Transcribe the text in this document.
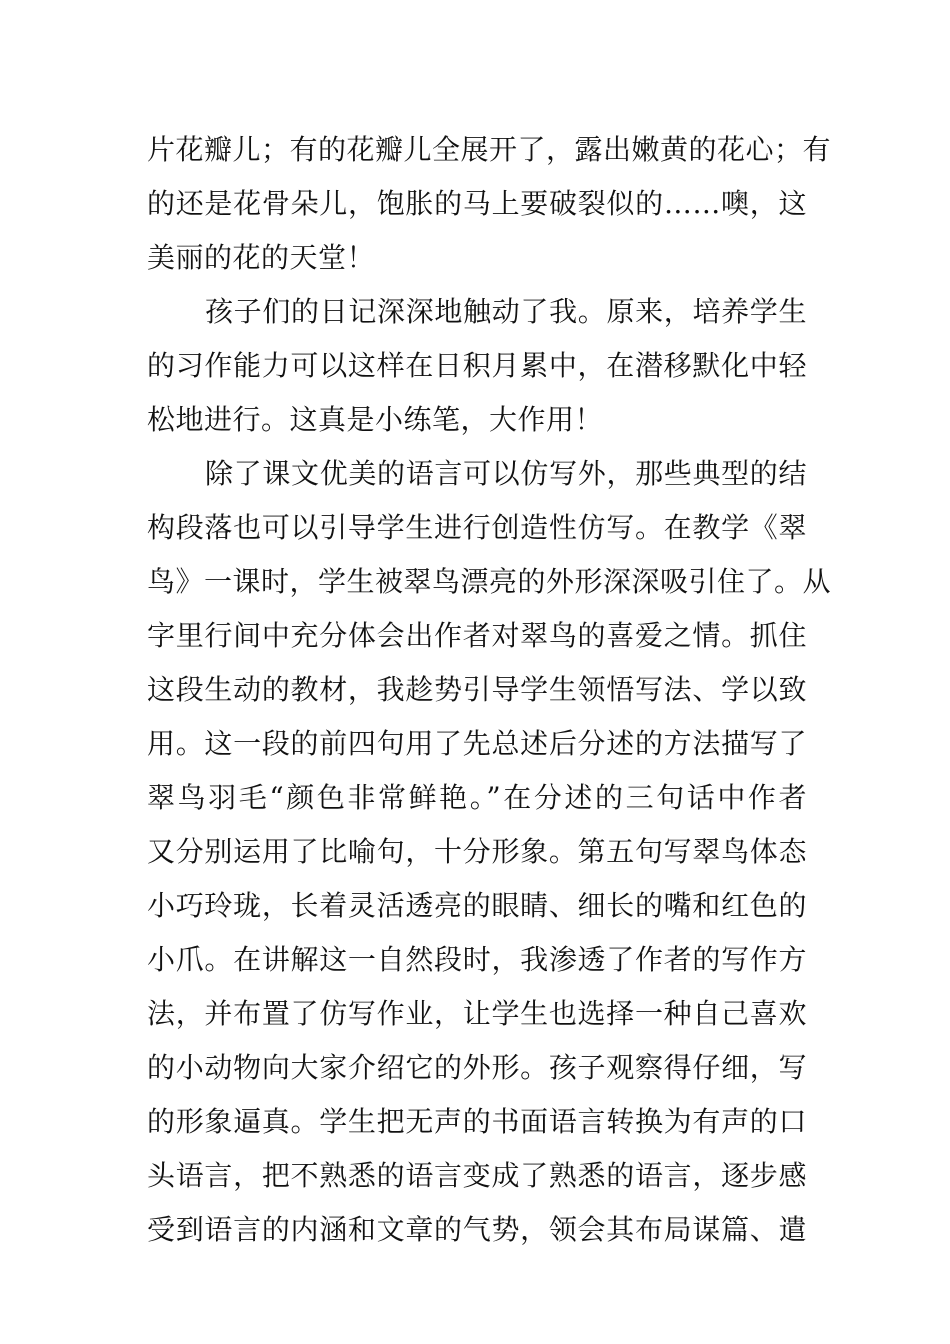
片花瓣儿；有的花瓣儿全展开了，露出嫩黄的花心；有
的还是花骨朵儿，饱胀的马上要破裂似的……噢，这
美丽的花的天堂！
孩子们的日记深深地触动了我。原来，培养学生
的习作能力可以这样在日积月累中，在潜移默化中轻
松地进行。这真是小练笔，大作用！
除了课文优美的语言可以仿写外，那些典型的结
构段落也可以引导学生进行创造性仿写。在教学《翠
鸟》一课时，学生被翠鸟漂亮的外形深深吸引住了。从
字里行间中充分体会出作者对翠鸟的喜爱之情。抓住
这段生动的教材，我趁势引导学生领悟写法、学以致
用。这一段的前四句用了先总述后分述的方法描写了
翠鸟羽毛“颜色非常鲜艳。”在分述的三句话中作者
又分别运用了比喻句，十分形象。第五句写翠鸟体态
小巧玲珑，长着灵活透亮的眼睛、细长的嘴和红色的
小爪。在讲解这一自然段时，我渗透了作者的写作方
法，并布置了仿写作业，让学生也选择一种自己喜欢
的小动物向大家介绍它的外形。孩子观察得仔细，写
的形象逼真。学生把无声的书面语言转换为有声的口
头语言，把不熟悉的语言变成了熟悉的语言，逐步感
受到语言的内涵和文章的气势，领会其布局谋篇、遣
